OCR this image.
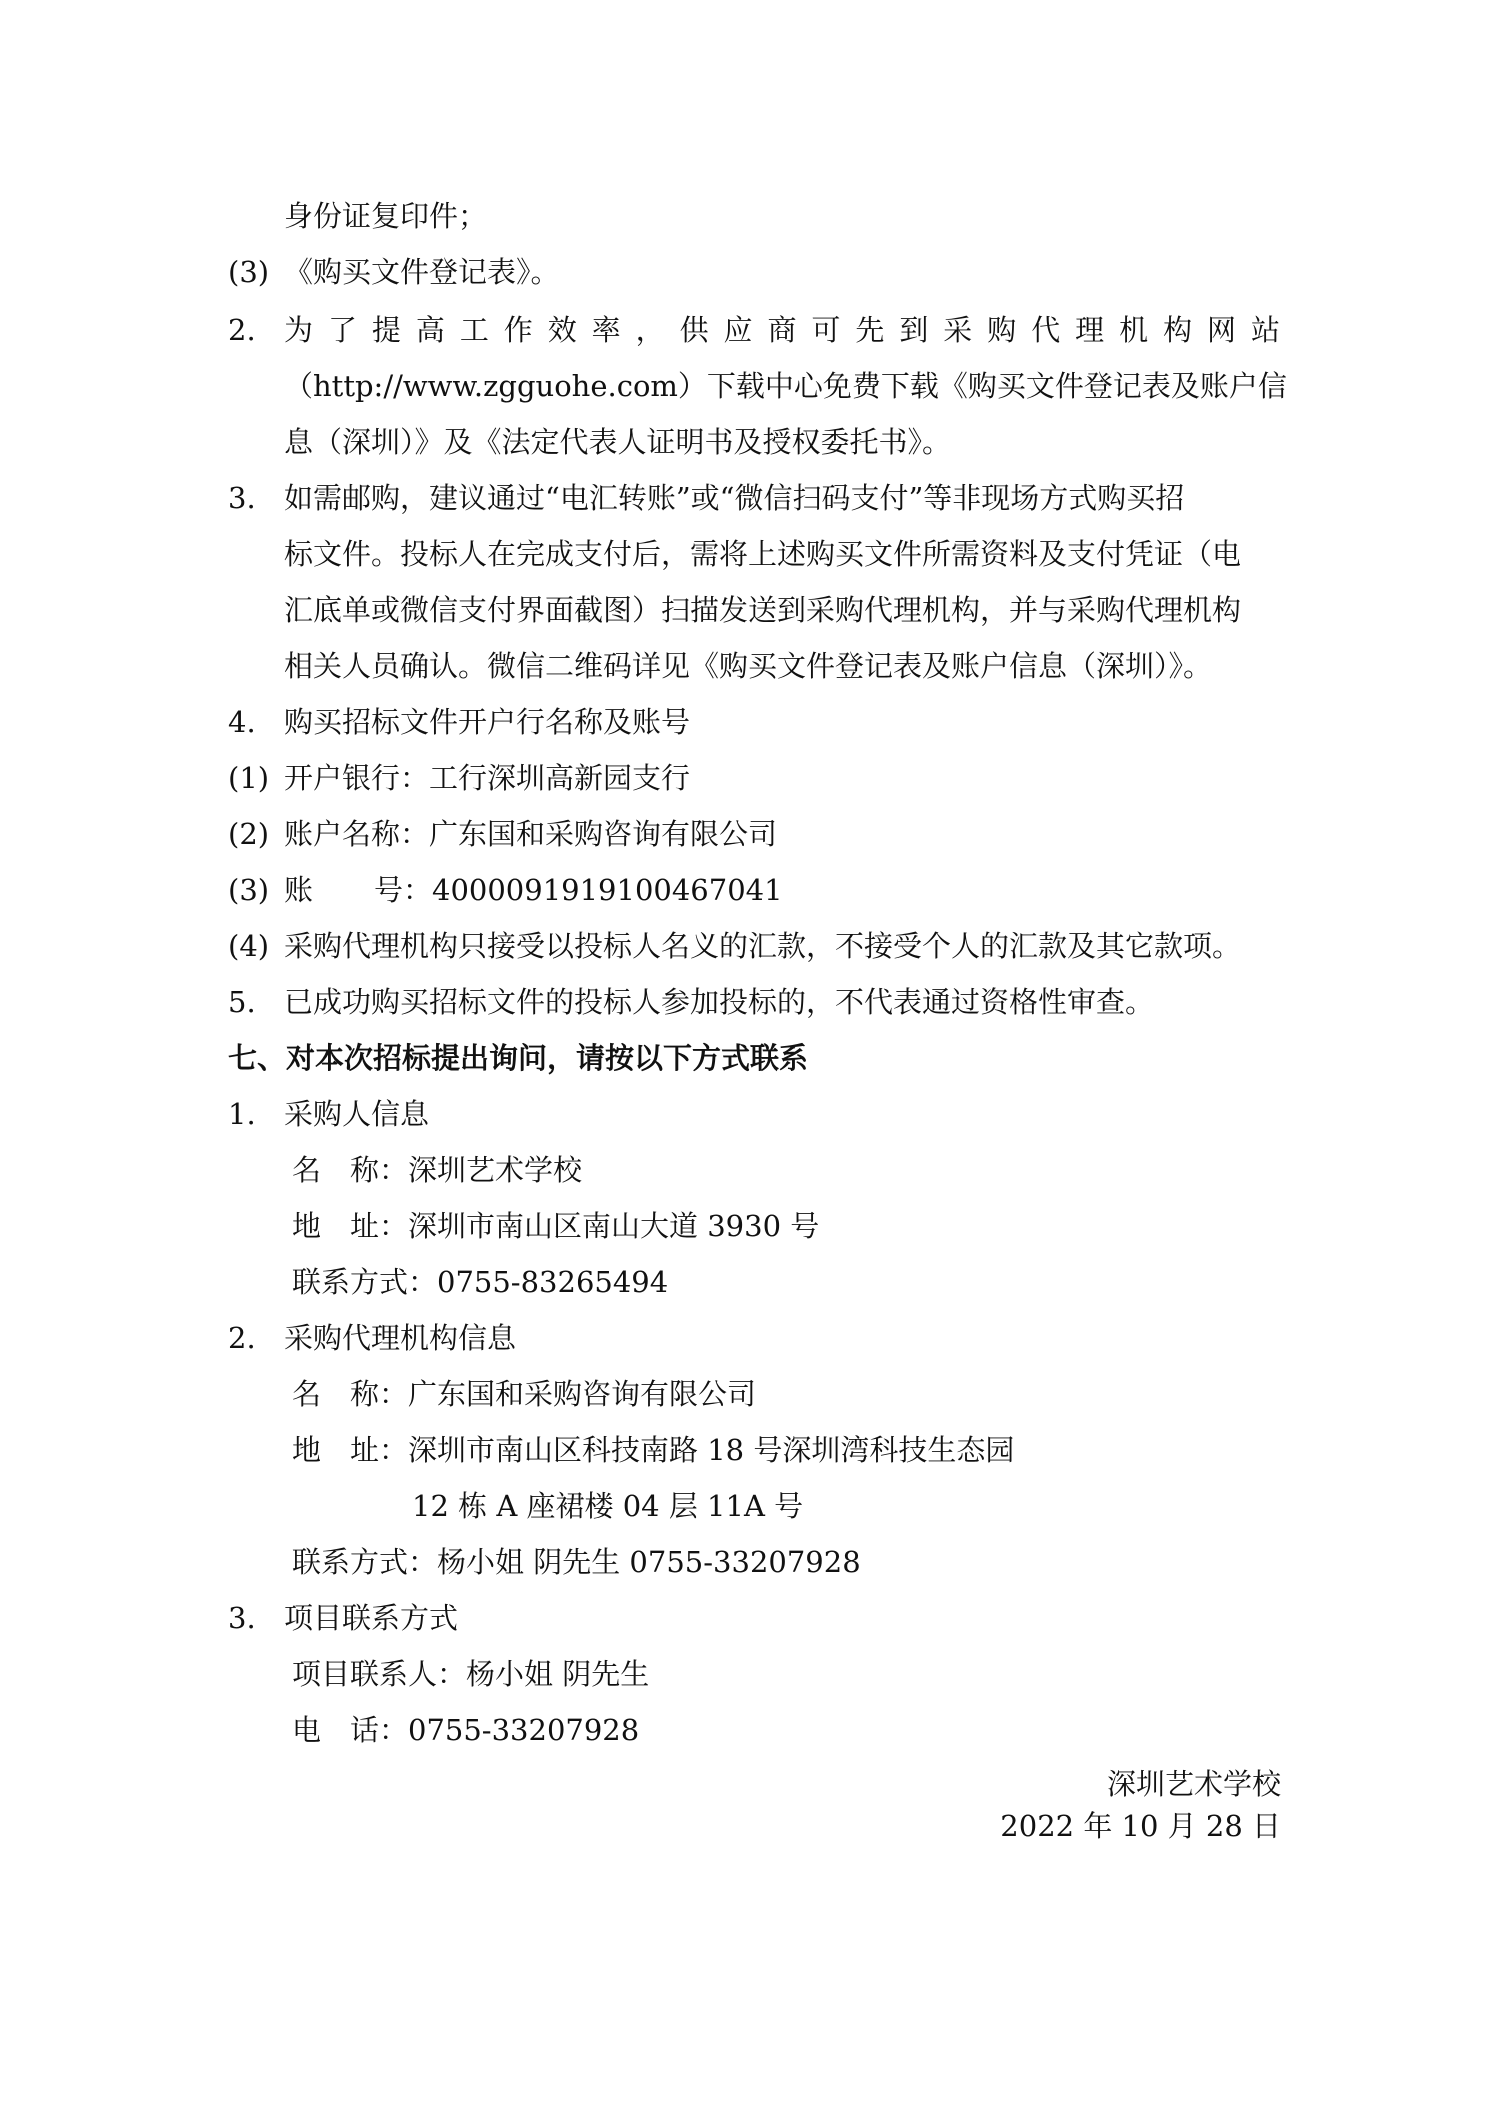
身份证复印件；
(3) 《购买文件登记表》。
2. 为 了 提 高 工 作 效 率 ， 供 应 商 可 先 到 采 购 代 理 机 构 网 站
（http://www.zgguohe.com）下载中心免费下载《购买文件登记表及账户信
息（深圳）》及《法定代表人证明书及授权委托书》。
3. 如需邮购，建议通过“电汇转账”或“微信扫码支付”等非现场方式购买招
标文件。投标人在完成支付后，需将上述购买文件所需资料及支付凭证（电
汇底单或微信支付界面截图）扫描发送到采购代理机构，并与采购代理机构
相关人员确认。微信二维码详见《购买文件登记表及账户信息（深圳）》。
4. 购买招标文件开户行名称及账号
(1) 开户银行：工行深圳高新园支行
(2) 账户名称：广东国和采购咨询有限公司
(3) 账 号：4000091919100467041
(4) 采购代理机构只接受以投标人名义的汇款，不接受个人的汇款及其它款项。
5. 已成功购买招标文件的投标人参加投标的，不代表通过资格性审查。
七、对本次招标提出询问，请按以下方式联系
1. 采购人信息
名　称：深圳艺术学校
地　址：深圳市南山区南山大道 3930 号
联系方式：0755-83265494
2. 采购代理机构信息
名　称：广东国和采购咨询有限公司
地　址：深圳市南山区科技南路 18 号深圳湾科技生态园
12 栋 A 座裙楼 04 层 11A 号
联系方式：杨小姐 阴先生 0755-33207928
3. 项目联系方式
项目联系人：杨小姐 阴先生
电　话：0755-33207928
深圳艺术学校
2022 年 10 月 28 日
